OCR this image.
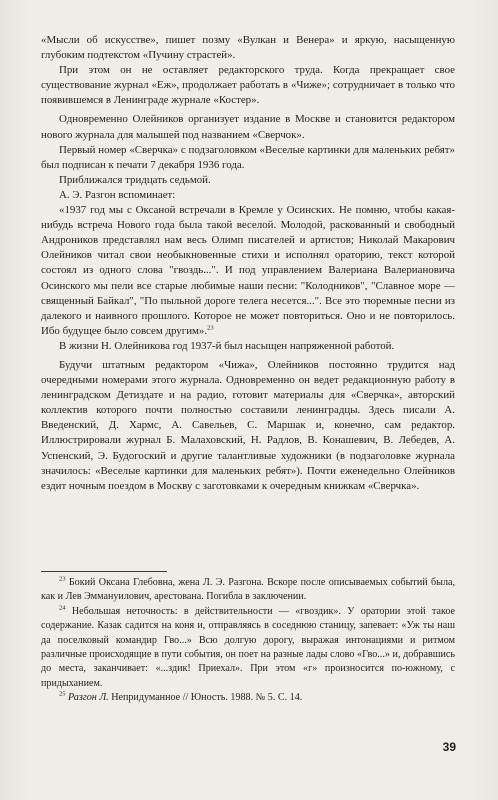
«Мысли об искусстве», пишет позму «Вулкан и Венера» и яркую, насыщенную глубоким подтекстом «Пучину страстей».

При этом он не оставляет редакторского труда. Когда прекращает свое существование журнал «Еж», продолжает работать в «Чиже»; сотрудничает в только что появившемся в Ленинграде журнале «Костер».

Одновременно Олейников организует издание в Москве и становится редактором нового журнала для малышей под названием «Сверчок».

Первый номер «Сверчка» с подзаголовком «Веселые картинки для маленьких ребят» был подписан к печати 7 декабря 1936 года.

Приближался тридцать седьмой.

А. Э. Разгон вспоминает:

«1937 год мы с Оксаной встречали в Кремле у Осинских. Не помню, чтобы какая-нибудь встреча Нового года была такой веселой. Молодой, раскованный и свободный Андроников представлял нам весь Олимп писателей и артистов; Николай Макарович Олейников читал свои необыкновенные стихи и исполнял ораторию, текст которой состоял из одного слова "гвоздь...". И под управлением Валериана Валериановича Осинского мы пели все старые любимые наши песни: "Колодников", "Славное море — священный Байкал", "По пыльной дороге телега несется...". Все это тюремные песни из далекого и наивного прошлого. Которое не может повториться. Оно и не повторилось. Ибо будущее было совсем другим».$^{23}$

В жизни Н. Олейникова год 1937-й был насыщен напряженной работой.

Будучи штатным редактором «Чижа», Олейников постоянно трудится над очередными номерами этого журнала. Одновременно он ведет редакционную работу в ленинградском Детиздате и на радио, готовит материалы для «Сверчка», авторский коллектив которого почти полностью составили ленинградцы. Здесь писали А. Введенский, Д. Хармс, А. Савельев, С. Маршак и, конечно, сам редактор. Иллюстрировали журнал Б. Малаховский, Н. Радлов, В. Конашевич, В. Лебедев, А. Успенский, Э. Будогоский и другие талантливые художники (в подзаголовке журнала значилось: «Веселые картинки для маленьких ребят»). Почти еженедельно Олейников ездит ночным поездом в Москву с заготовками к очередным книжкам «Сверчка».

$^{23}$ Бокий Оксана Глебовна, жена Л. Э. Разгона. Вскоре после описываемых событий была, как и Лев Эммануилович, арестована. Погибла в заключении.

$^{24}$ Небольшая неточность: в действительности — «гвоздик». У оратории этой такое содержание. Казак садится на коня и, отправляясь в соседнюю станицу, запевает: «Уж ты наш да поселковый командир Гво...» Всю долгую дорогу, выражая интонациями и ритмом различные происходящие в пути события, он поет на разные лады слово «Гво...» и, добравшись до места, заканчивает: «...здик! Приехал». При этом «г» произносится по-южному, с придыханием.

$^{25}$ Разгон Л. Непридуманное // Юность. 1988. № 5. С. 14.

39
